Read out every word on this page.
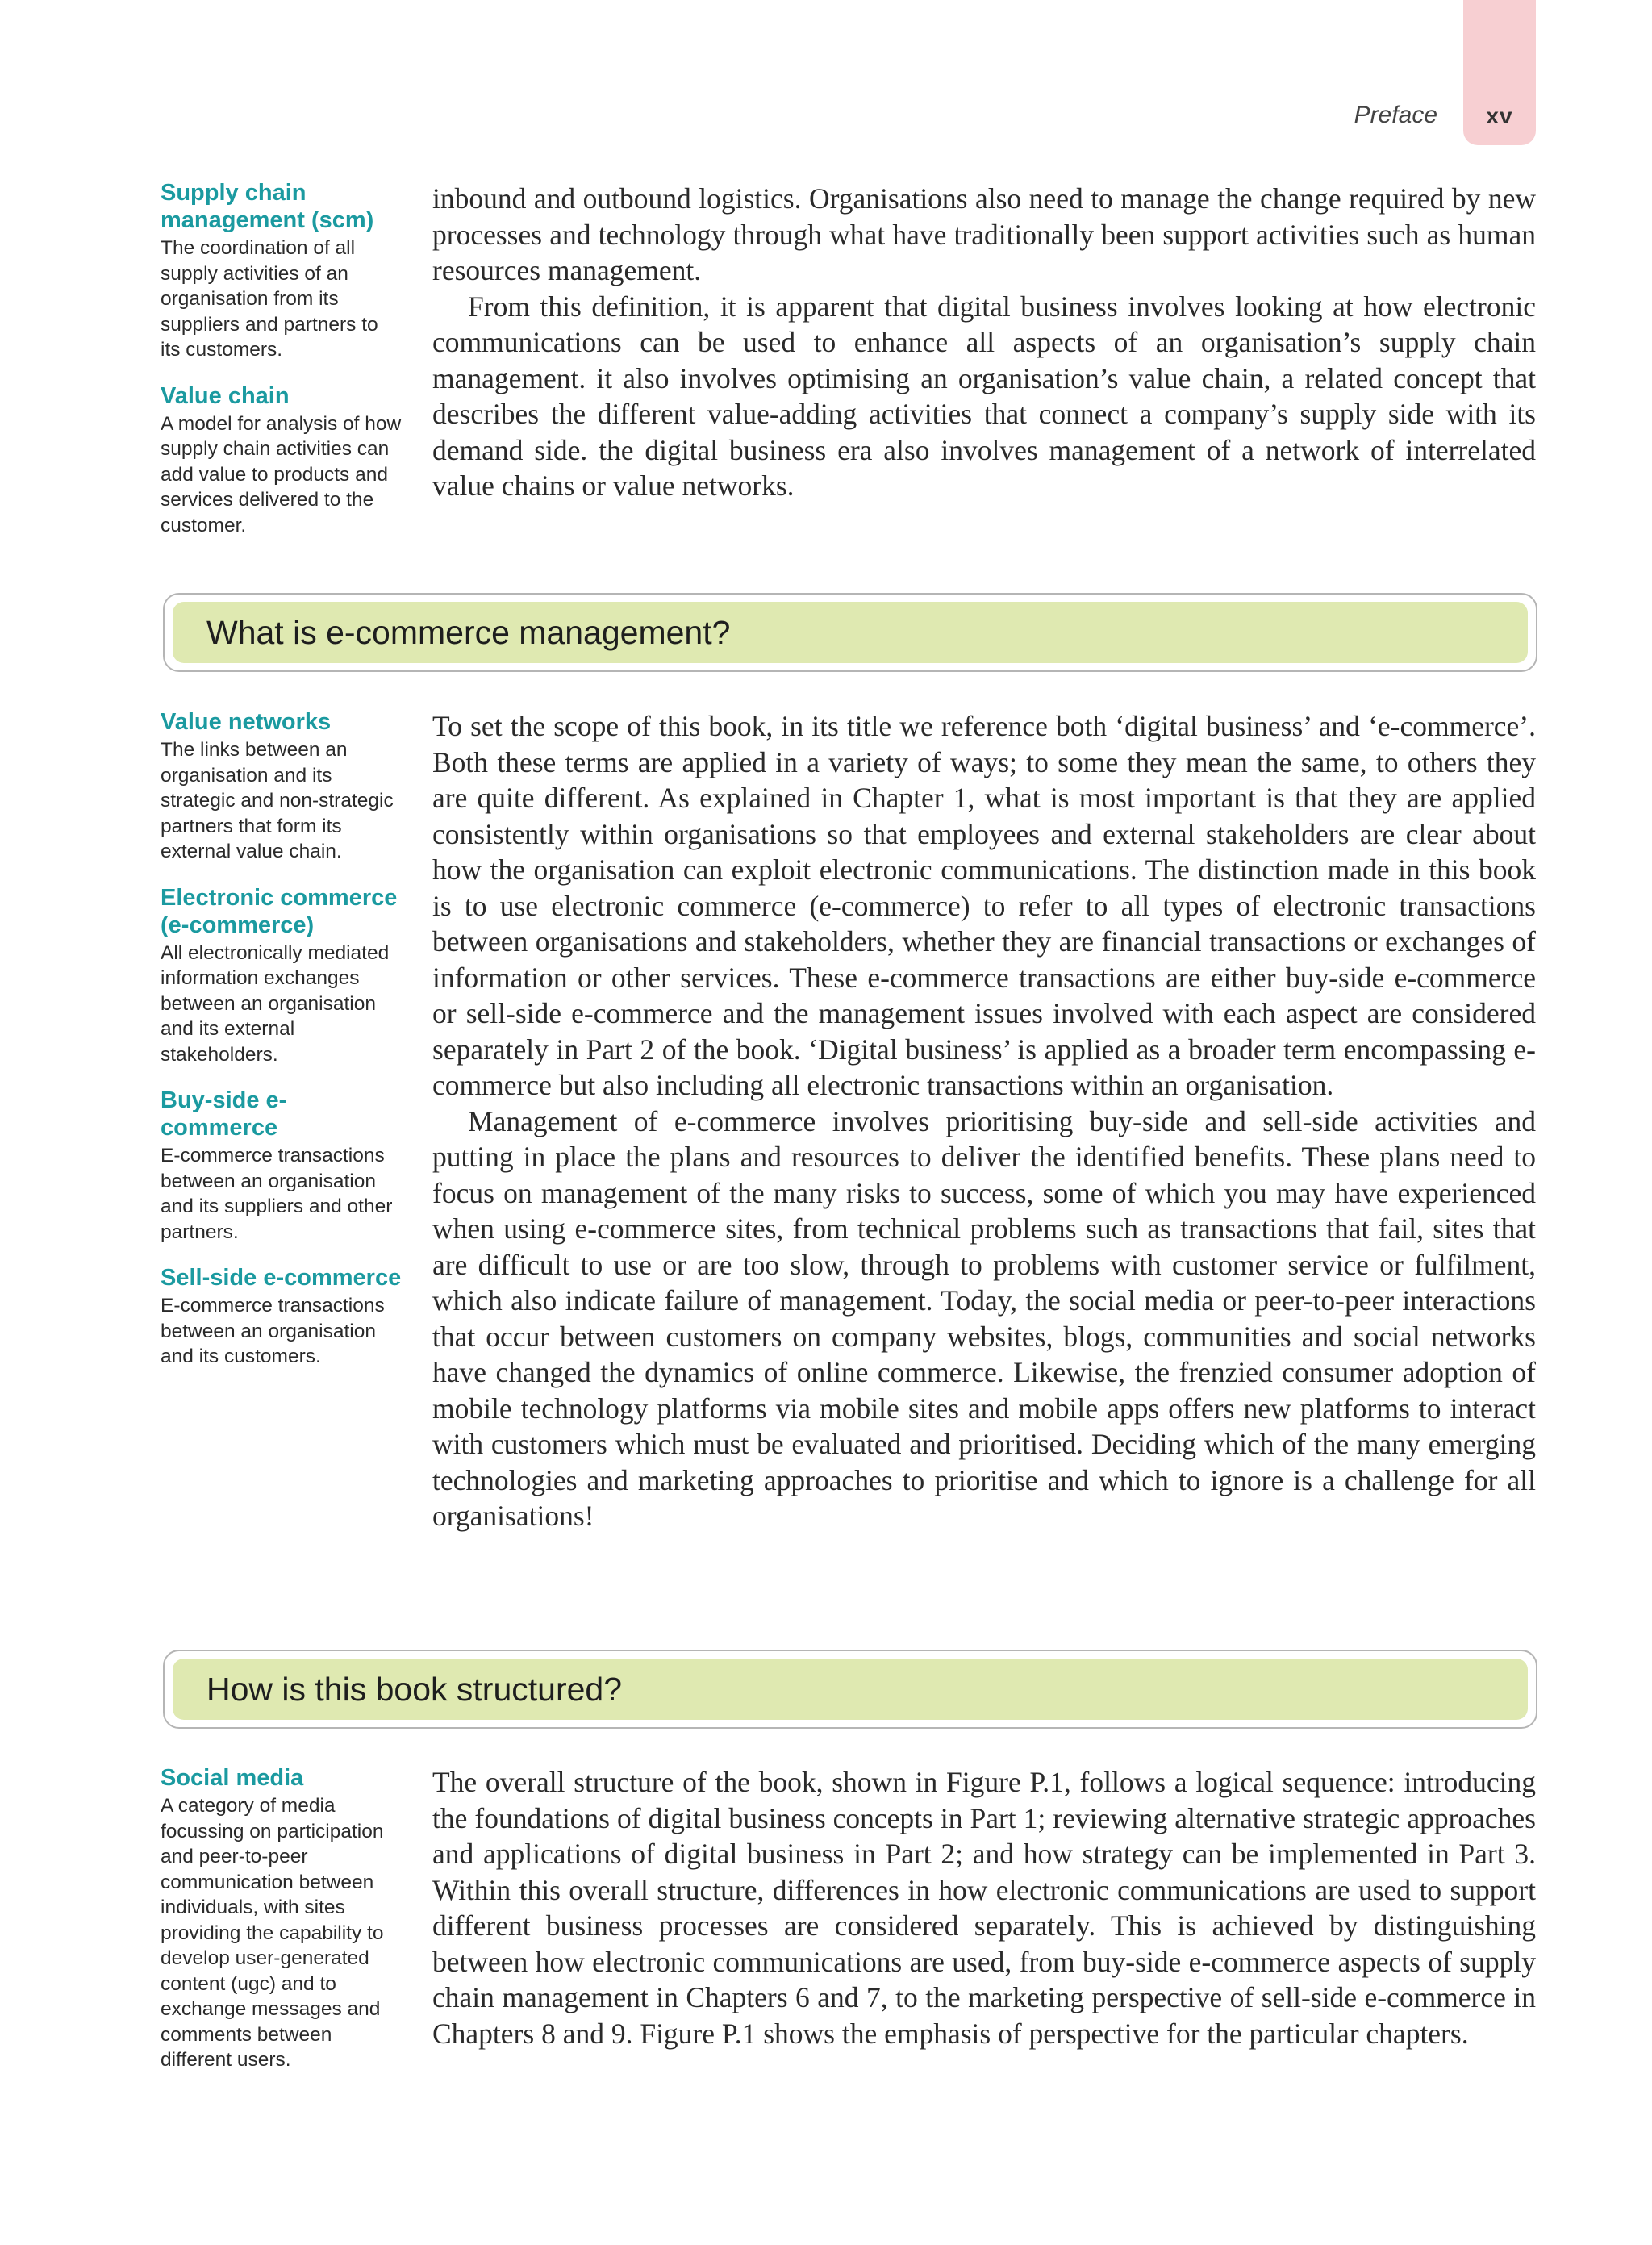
xv
Preface

Supply chain management (scm)

The coordination of all supply activities of an organisation from its suppliers and partners to its customers.

Value chain

A model for analysis of how supply chain activities can add value to products and services delivered to the customer.

inbound and outbound logistics. Organisations also need to manage the change required by new processes and technology through what have traditionally been support activities such as human resources management.

From this definition, it is apparent that digital business involves looking at how electronic communications can be used to enhance all aspects of an organisation’s supply chain management. it also involves optimising an organisation’s value chain, a related concept that describes the different value-adding activities that connect a company’s supply side with its demand side. the digital business era also involves management of a network of interrelated value chains or value networks.

What is e-commerce management?

Value networks

The links between an organisation and its strategic and non-strategic partners that form its external value chain.

Electronic commerce (e-commerce)

All electronically mediated information exchanges between an organisation and its external stakeholders.

Buy-side e-commerce

E-commerce transactions between an organisation and its suppliers and other partners.

Sell-side e-commerce

E-commerce transactions between an organisation and its customers.

To set the scope of this book, in its title we reference both ‘digital business’ and ‘e-commerce’. Both these terms are applied in a variety of ways; to some they mean the same, to others they are quite different. As explained in Chapter 1, what is most important is that they are applied consistently within organisations so that employees and external stakeholders are clear about how the organisation can exploit electronic communications. The distinction made in this book is to use electronic commerce (e-commerce) to refer to all types of electronic transactions between organisations and stakeholders, whether they are financial transactions or exchanges of information or other services. These e-commerce transactions are either buy-side e-commerce or sell-side e-commerce and the management issues involved with each aspect are considered separately in Part 2 of the book. ‘Digital business’ is applied as a broader term encompassing e-commerce but also including all electronic transactions within an organisation.

Management of e-commerce involves prioritising buy-side and sell-side activities and putting in place the plans and resources to deliver the identified benefits. These plans need to focus on management of the many risks to success, some of which you may have experienced when using e-commerce sites, from technical problems such as transactions that fail, sites that are difficult to use or are too slow, through to problems with customer service or fulfilment, which also indicate failure of management. Today, the social media or peer-to-peer interactions that occur between customers on company websites, blogs, communities and social networks have changed the dynamics of online commerce. Likewise, the frenzied consumer adoption of mobile technology platforms via mobile sites and mobile apps offers new platforms to interact with customers which must be evaluated and prioritised. Deciding which of the many emerging technologies and marketing approaches to prioritise and which to ignore is a challenge for all organisations!

How is this book structured?

Social media

A category of media focussing on participation and peer-to-peer communication between individuals, with sites providing the capability to develop user-generated content (ugc) and to exchange messages and comments between different users.

The overall structure of the book, shown in Figure P.1, follows a logical sequence: introducing the foundations of digital business concepts in Part 1; reviewing alternative strategic approaches and applications of digital business in Part 2; and how strategy can be implemented in Part 3. Within this overall structure, differences in how electronic communications are used to support different business processes are considered separately. This is achieved by distinguishing between how electronic communications are used, from buy-side e-commerce aspects of supply chain management in Chapters 6 and 7, to the marketing perspective of sell-side e-commerce in Chapters 8 and 9. Figure P.1 shows the emphasis of perspective for the particular chapters.
